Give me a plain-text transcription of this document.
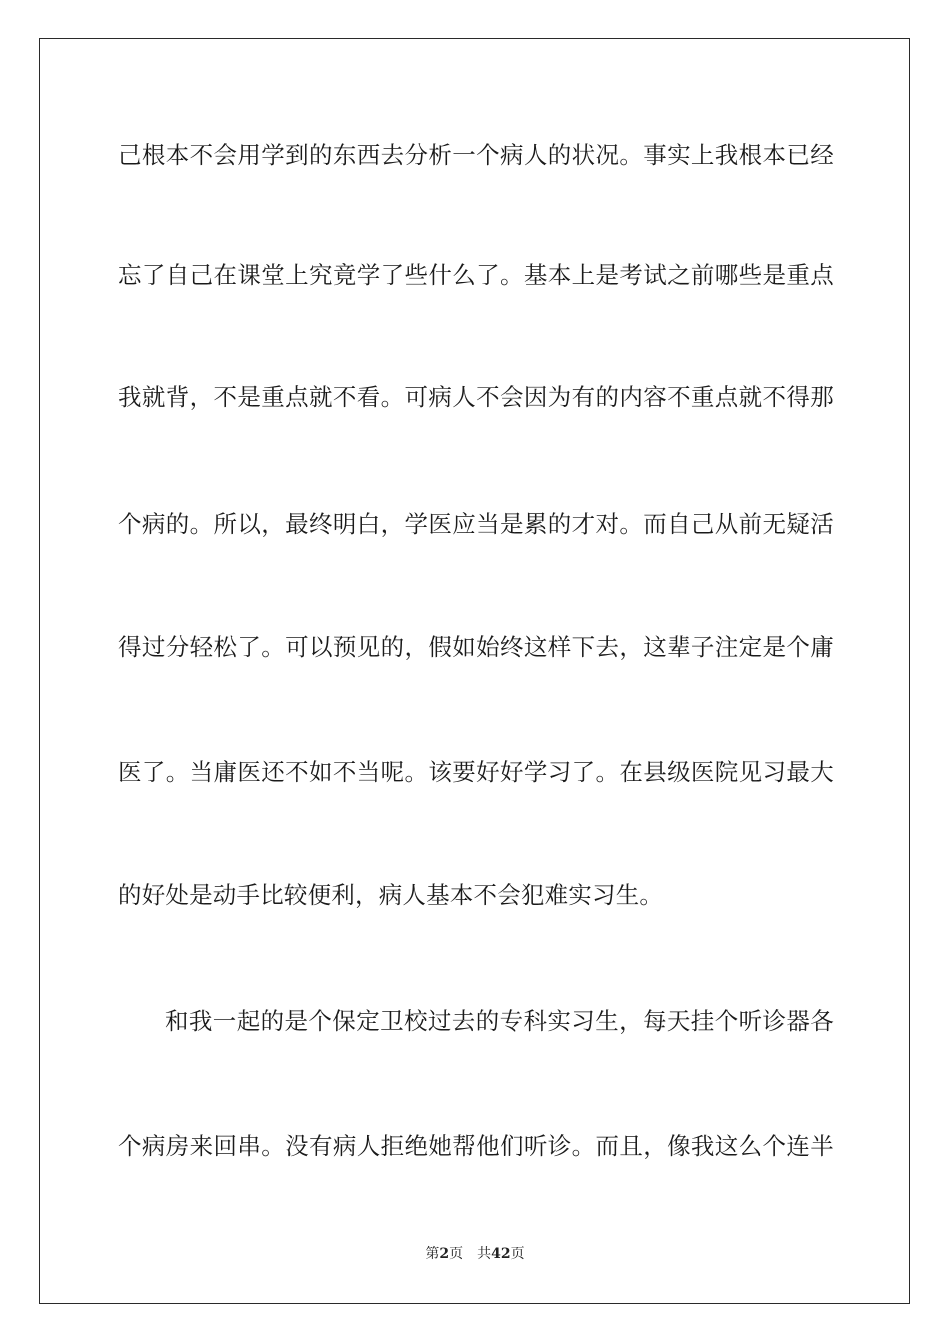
己根本不会用学到的东西去分析一个病人的状况。事实上我根本已经
忘了自己在课堂上究竟学了些什么了。基本上是考试之前哪些是重点
我就背，不是重点就不看。可病人不会因为有的内容不重点就不得那
个病的。所以，最终明白，学医应当是累的才对。而自己从前无疑活
得过分轻松了。可以预见的，假如始终这样下去，这辈子注定是个庸
医了。当庸医还不如不当呢。该要好好学习了。在县级医院见习最大
的好处是动手比较便利，病人基本不会犯难实习生。
和我一起的是个保定卫校过去的专科实习生，每天挂个听诊器各
个病房来回串。没有病人拒绝她帮他们听诊。而且，像我这么个连半
第2页 共42页
